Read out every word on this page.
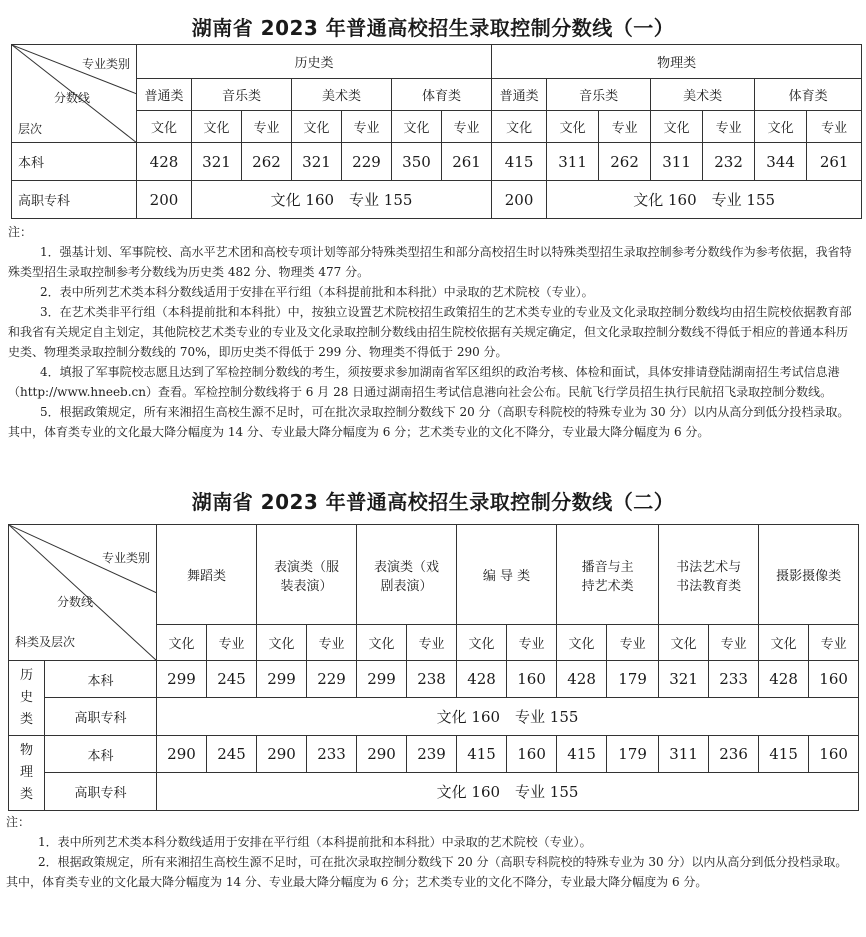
湖南省 2023 年普通高校招生录取控制分数线（一）
专业类别
分数线
层次	历史类							物理类						
	普通类	音乐类		美术类		体育类		普通类	音乐类		美术类		体育类	
	文化	文化	专业	文化	专业	文化	专业	文化	文化	专业	文化	专业	文化	专业
本科	428	321	262	321	229	350	261	415	311	262	311	232	344	261
高职专科	200	文化 160　专业 155						200	文化 160　专业 155					

注：

1．强基计划、军事院校、高水平艺术团和高校专项计划等部分特殊类型招生和部分高校招生时以特殊类型招生录取控制参考分数线作为参考依据，我省特殊类型招生录取控制参考分数线为历史类 482 分、物理类 477 分。

2．表中所列艺术类本科分数线适用于安排在平行组（本科提前批和本科批）中录取的艺术院校（专业）。

3．在艺术类非平行组（本科提前批和本科批）中，按独立设置艺术院校招生政策招生的艺术类专业的专业及文化录取控制分数线均由招生院校依据教育部和我省有关规定自主划定，其他院校艺术类专业的专业及文化录取控制分数线由招生院校依据有关规定确定，但文化录取控制分数线不得低于相应的普通本科历史类、物理类录取控制分数线的 70%，即历史类不得低于 299 分、物理类不得低于 290 分。

4．填报了军事院校志愿且达到了军检控制分数线的考生，须按要求参加湖南省军区组织的政治考核、体检和面试，具体安排请登陆湖南招生考试信息港（http://www.hneeb.cn）查看。军检控制分数线将于 6 月 28 日通过湖南招生考试信息港向社会公布。民航飞行学员招生执行民航招飞录取控制分数线。

5．根据政策规定，所有来湘招生高校生源不足时，可在批次录取控制分数线下 20 分（高职专科院校的特殊专业为 30 分）以内从高分到低分投档录取。其中，体育类专业的文化最大降分幅度为 14 分、专业最大降分幅度为 6 分；艺术类专业的文化不降分，专业最大降分幅度为 6 分。

湖南省 2023 年普通高校招生录取控制分数线（二）
专业类别
分数线
科类及层次		舞蹈类		表演类（服装表演）		表演类（戏剧表演）		编 导 类		播音与主持艺术类		书法艺术与书法教育类		摄影摄像类	
		文化	专业	文化	专业	文化	专业	文化	专业	文化	专业	文化	专业	文化	专业
历史类	本科	299	245	299	229	299	238	428	160	428	179	321	233	428	160
	高职专科	文化 160　专业 155													
物理类	本科	290	245	290	233	290	239	415	160	415	179	311	236	415	160
	高职专科	文化 160　专业 155													

注：

1．表中所列艺术类本科分数线适用于安排在平行组（本科提前批和本科批）中录取的艺术院校（专业）。

2．根据政策规定，所有来湘招生高校生源不足时，可在批次录取控制分数线下 20 分（高职专科院校的特殊专业为 30 分）以内从高分到低分投档录取。其中，体育类专业的文化最大降分幅度为 14 分、专业最大降分幅度为 6 分；艺术类专业的文化不降分，专业最大降分幅度为 6 分。
